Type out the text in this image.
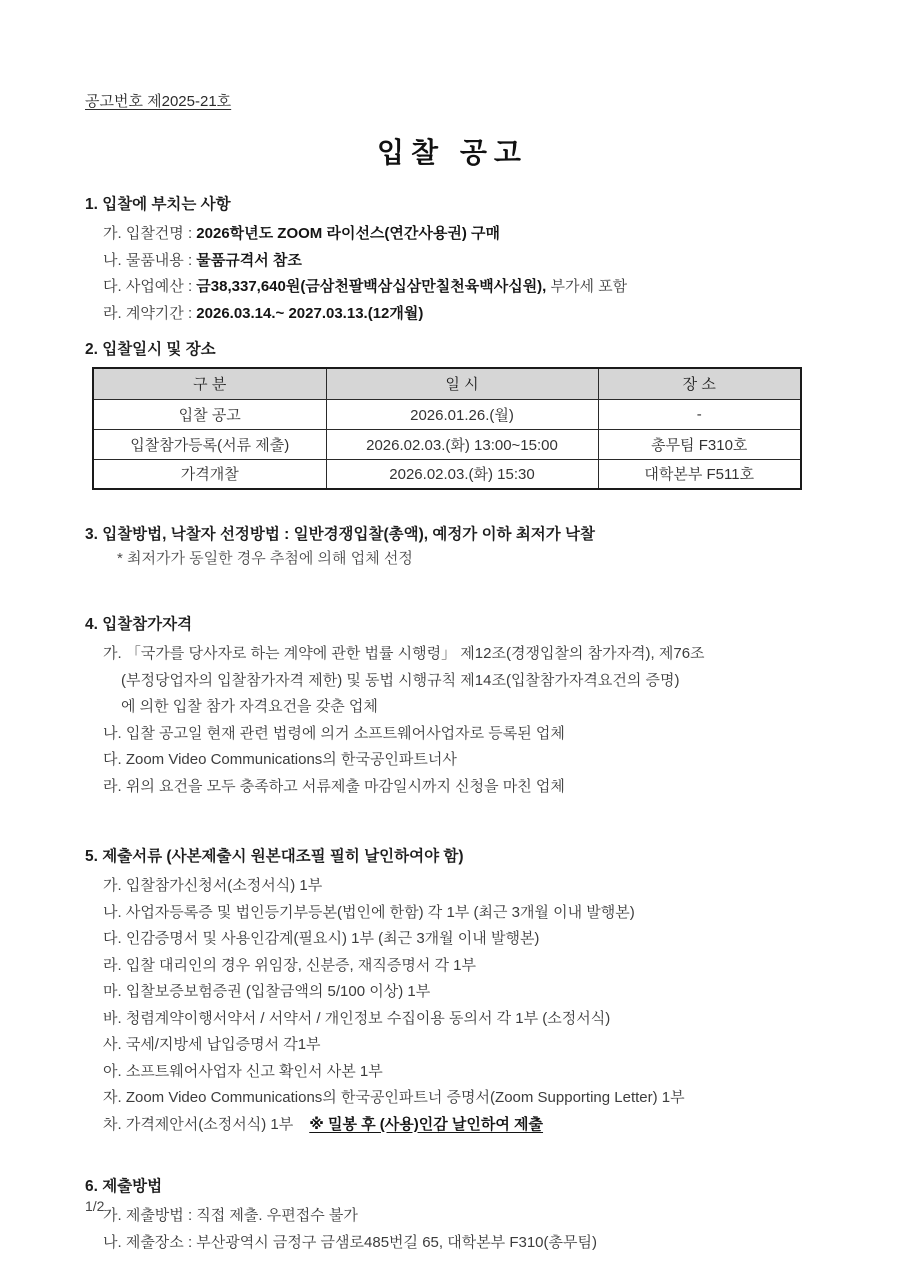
공고번호 제2025-21호
입찰 공고
1. 입찰에 부치는 사항
가. 입찰건명 : 2026학년도 ZOOM 라이선스(연간사용권) 구매
나. 물품내용 : 물품규격서 참조
다. 사업예산 : 금38,337,640원(금삼천팔백삼십삼만칠천육백사십원), 부가세 포함
라. 계약기간 : 2026.03.14.~ 2027.03.13.(12개월)
2. 입찰일시 및 장소
구 분	일 시	장 소
입찰 공고	2026.01.26.(월)	-
입찰참가등록(서류 제출)	2026.02.03.(화) 13:00~15:00	총무팀 F310호
가격개찰	2026.02.03.(화) 15:30	대학본부 F511호
3. 입찰방법, 낙찰자 선정방법 : 일반경쟁입찰(총액), 예정가 이하 최저가 낙찰
* 최저가가 동일한 경우 추첨에 의해 업체 선정
4. 입찰참가자격
가. 「국가를 당사자로 하는 계약에 관한 법률 시행령」 제12조(경쟁입찰의 참가자격), 제76조
(부정당업자의 입찰참가자격 제한) 및 동법 시행규칙 제14조(입찰참가자격요건의 증명)
에 의한 입찰 참가 자격요건을 갖춘 업체
나. 입찰 공고일 현재 관련 법령에 의거 소프트웨어사업자로 등록된 업체
다. Zoom Video Communications의 한국공인파트너사
라. 위의 요건을 모두 충족하고 서류제출 마감일시까지 신청을 마친 업체
5. 제출서류 (사본제출시 원본대조필 필히 날인하여야 함)
가. 입찰참가신청서(소정서식) 1부
나. 사업자등록증 및 법인등기부등본(법인에 한함) 각 1부 (최근 3개월 이내 발행본)
다. 인감증명서 및 사용인감계(필요시) 1부 (최근 3개월 이내 발행본)
라. 입찰 대리인의 경우 위임장, 신분증, 재직증명서 각 1부
마. 입찰보증보험증권 (입찰금액의 5/100 이상) 1부
바. 청렴계약이행서약서 / 서약서 / 개인정보 수집이용 동의서 각 1부 (소정서식)
사. 국세/지방세 납입증명서 각1부
아. 소프트웨어사업자 신고 확인서 사본 1부
자. Zoom Video Communications의 한국공인파트너 증명서(Zoom Supporting Letter) 1부
차. 가격제안서(소정서식) 1부 ※ 밀봉 후 (사용)인감 날인하여 제출
6. 제출방법
가. 제출방법 : 직접 제출. 우편접수 불가
나. 제출장소 : 부산광역시 금정구 금샘로485번길 65, 대학본부 F310(총무팀)
1/2
